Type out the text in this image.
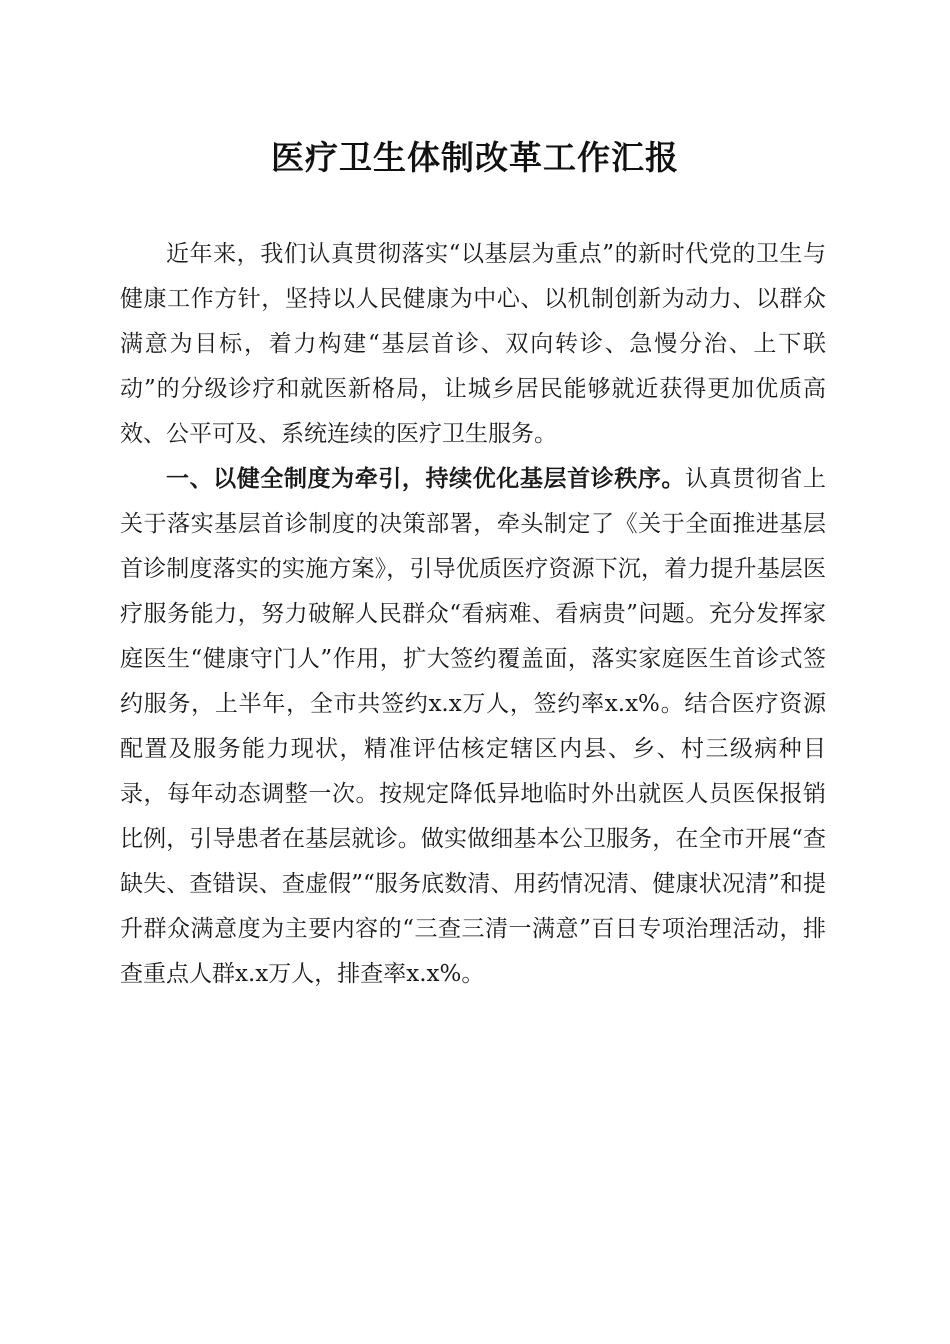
医疗卫生体制改革工作汇报

近年来，我们认真贯彻落实“以基层为重点”的新时代党的卫生与健康工作方针，坚持以人民健康为中心、以机制创新为动力、以群众满意为目标，着力构建“基层首诊、双向转诊、急慢分治、上下联动”的分级诊疗和就医新格局，让城乡居民能够就近获得更加优质高效、公平可及、系统连续的医疗卫生服务。

一、以健全制度为牵引，持续优化基层首诊秩序。认真贯彻省上关于落实基层首诊制度的决策部署，牵头制定了《关于全面推进基层首诊制度落实的实施方案》，引导优质医疗资源下沉，着力提升基层医疗服务能力，努力破解人民群众“看病难、看病贵”问题。充分发挥家庭医生“健康守门人”作用，扩大签约覆盖面，落实家庭医生首诊式签约服务，上半年，全市共签约x.x万人，签约率x.x%。结合医疗资源配置及服务能力现状，精准评估核定辖区内县、乡、村三级病种目录，每年动态调整一次。按规定降低异地临时外出就医人员医保报销比例，引导患者在基层就诊。做实做细基本公卫服务，在全市开展“查缺失、查错误、查虚假”“服务底数清、用药情况清、健康状况清”和提升群众满意度为主要内容的“三查三清一满意”百日专项治理活动，排查重点人群x.x万人，排查率x.x%。
